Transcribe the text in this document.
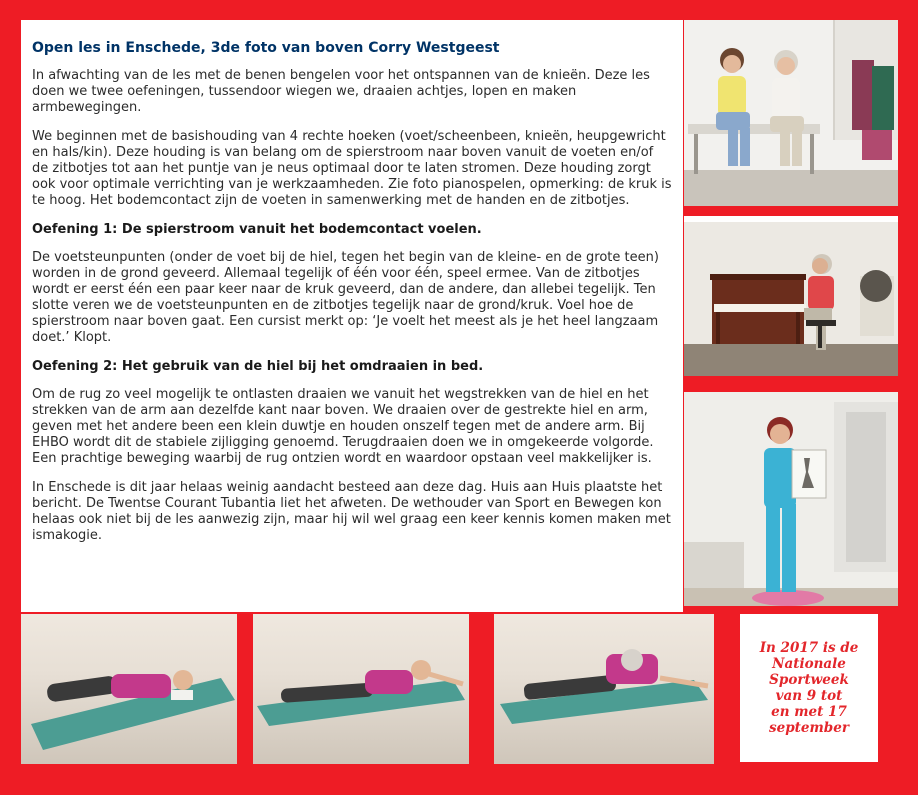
Open les in Enschede, 3de foto van boven Corry Westgeest

In afwachting van de les met de benen bengelen voor het ontspannen van de knieën. Deze les doen we twee oefeningen, tussendoor wiegen we, draaien achtjes, lopen en maken armbewegingen.

We beginnen met de basishouding van 4 rechte hoeken (voet/scheenbeen, knieën, heupgewricht en hals/kin). Deze houding is van belang om de spierstroom naar boven vanuit de voeten en/of de zitbotjes tot aan het puntje van je neus optimaal door te laten stromen. Deze houding zorgt ook voor optimale verrichting van je werkzaamheden. Zie foto pianospelen, opmerking: de kruk is te hoog. Het bodemcontact zijn de voeten in samenwerking met de handen en de zitbotjes.

Oefening 1: De spierstroom vanuit het bodemcontact voelen.

De voetsteunpunten (onder de voet bij de hiel, tegen het begin van de kleine- en de grote teen) worden in de grond geveerd. Allemaal tegelijk of één voor één, speel ermee. Van de zitbotjes wordt er eerst één een paar keer naar de kruk geveerd, dan de andere, dan allebei tegelijk. Ten slotte veren we de voetsteunpunten en de zitbotjes tegelijk naar de grond/kruk. Voel hoe de spierstroom naar boven gaat. Een cursist merkt op: ‘Je voelt het meest als je het heel langzaam doet.’ Klopt.

Oefening 2: Het gebruik van de hiel bij het omdraaien in bed.

Om de rug zo veel mogelijk te ontlasten draaien we vanuit het wegstrekken van de hiel en het strekken van de arm aan dezelfde kant naar boven. We draaien over de gestrekte hiel en arm, geven met het andere been een klein duwtje en houden onszelf tegen met de andere arm. Bij EHBO wordt dit de stabiele zijligging genoemd. Terugdraaien doen we in omgekeerde volgorde. Een prachtige beweging waarbij de rug ontzien wordt en waardoor opstaan veel makkelijker is.

In Enschede is dit jaar helaas weinig aandacht besteed aan deze dag. Huis aan Huis plaatste het bericht. De Twentse Courant Tubantia liet het afweten. De wethouder van Sport en Bewegen kon helaas ook niet bij de les aanwezig zijn, maar hij wil wel graag een keer kennis komen maken met ismakogie.

In 2017 is de
Nationale
Sportweek
van 9 tot
en met 17
september
